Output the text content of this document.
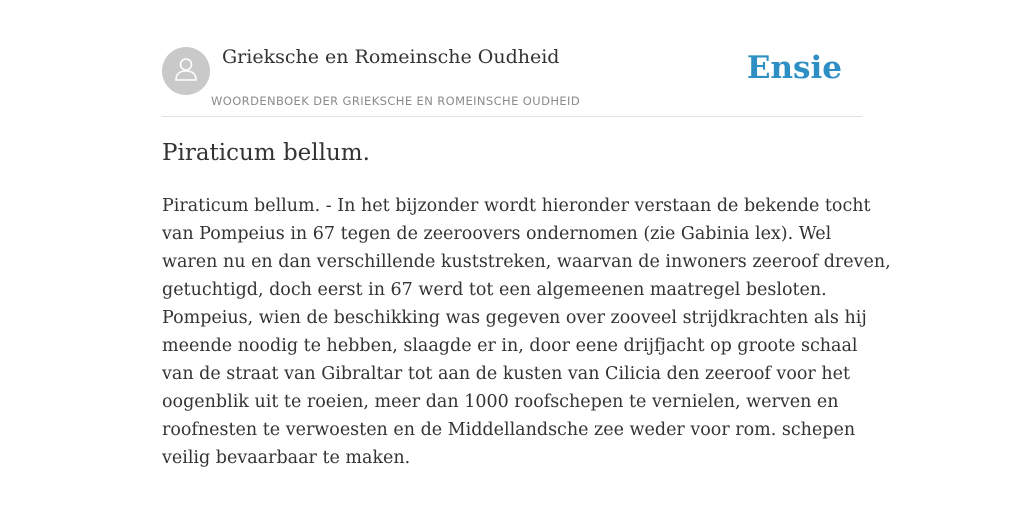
Grieksche en Romeinsche Oudheid
WOORDENBOEK DER GRIEKSCHE EN ROMEINSCHE OUDHEID
Ensie
Piraticum bellum.

Piraticum bellum. - In het bijzonder wordt hieronder verstaan de bekende tocht
van Pompeius in 67 tegen de zeeroovers ondernomen (zie Gabinia lex). Wel
waren nu en dan verschillende kuststreken, waarvan de inwoners zeeroof dreven,
getuchtigd, doch eerst in 67 werd tot een algemeenen maatregel besloten.
Pompeius, wien de beschikking was gegeven over zooveel strijdkrachten als hij
meende noodig te hebben, slaagde er in, door eene drijfjacht op groote schaal
van de straat van Gibraltar tot aan de kusten van Cilicia den zeeroof voor het
oogenblik uit te roeien, meer dan 1000 roofschepen te vernielen, werven en
roofnesten te verwoesten en de Middellandsche zee weder voor rom. schepen
veilig bevaarbaar te maken.
